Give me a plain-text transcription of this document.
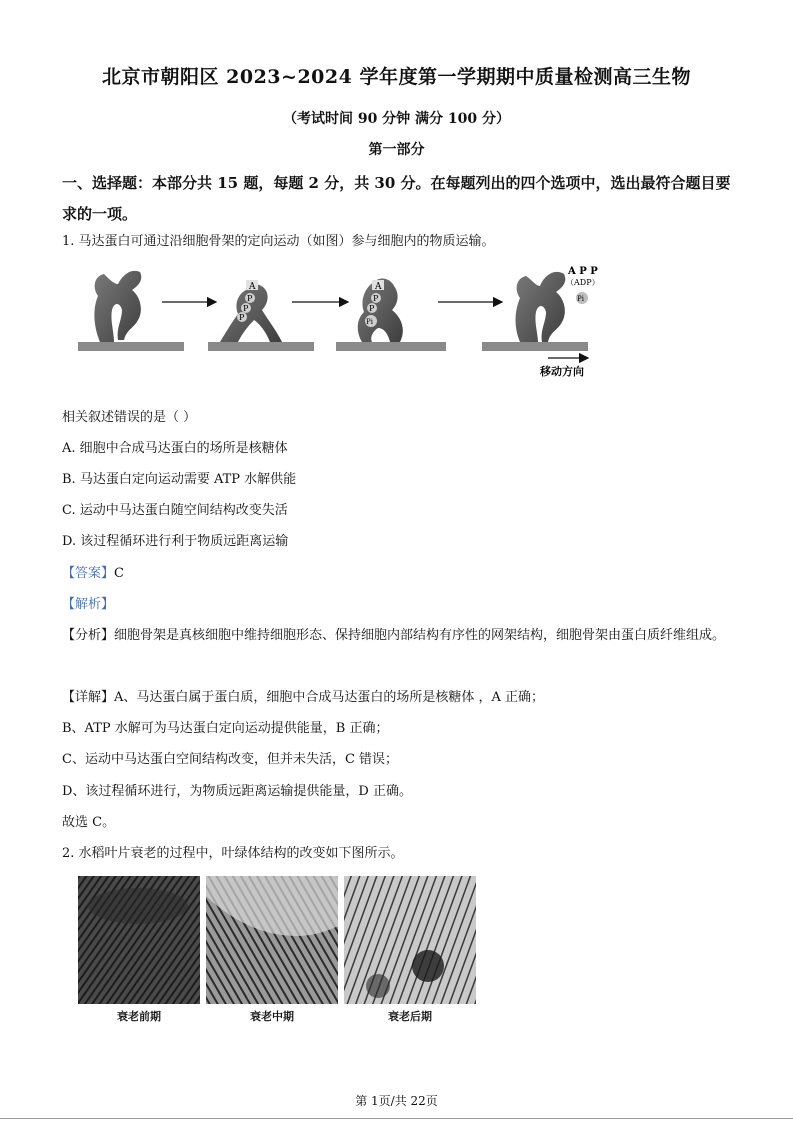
北京市朝阳区 2023~2024 学年度第一学期期中质量检测高三生物
（考试时间 90 分钟 满分 100 分）
第一部分
一、选择题：本部分共 15 题，每题 2 分，共 30 分。在每题列出的四个选项中，选出最符合题目要求的一项。
1. 马达蛋白可通过沿细胞骨架的定向运动（如图）参与细胞内的物质运输。
A
P
P
P
A
P
P
Pi
A P P
（ADP）
Pi
移动方向
相关叙述错误的是（ ）
A. 细胞中合成马达蛋白的场所是核糖体
B. 马达蛋白定向运动需要 ATP 水解供能
C. 运动中马达蛋白随空间结构改变失活
D. 该过程循环进行利于物质远距离运输
【答案】C
【解析】
【分析】细胞骨架是真核细胞中维持细胞形态、保持细胞内部结构有序性的网架结构，细胞骨架由蛋白质纤维组成。
【详解】A、马达蛋白属于蛋白质，细胞中合成马达蛋白的场所是核糖体 ，A 正确；
B、ATP 水解可为马达蛋白定向运动提供能量，B 正确；
C、运动中马达蛋白空间结构改变，但并未失活，C 错误；
D、该过程循环进行，为物质远距离运输提供能量，D 正确。
故选 C。
2. 水稻叶片衰老的过程中，叶绿体结构的改变如下图所示。
衰老前期	衰老中期	衰老后期
第 1页/共 22页
